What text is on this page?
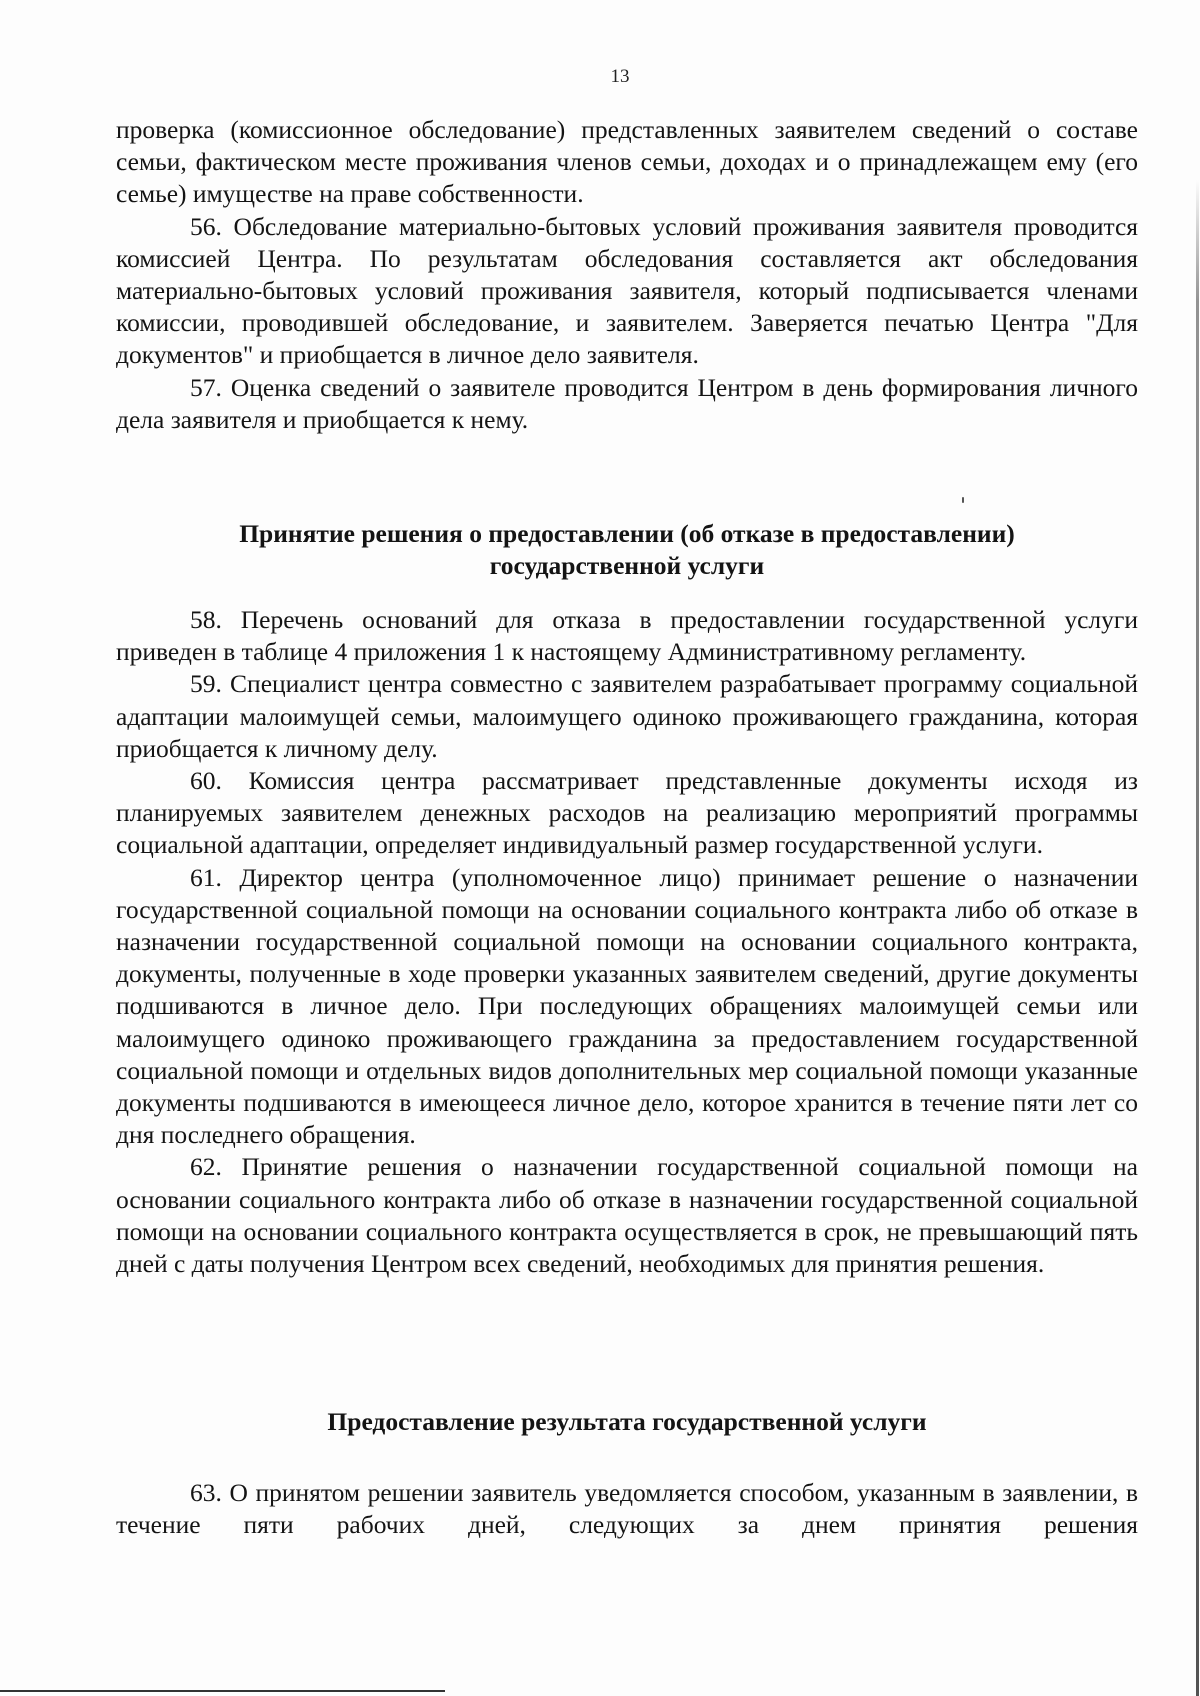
13

проверка (комиссионное обследование) представленных заявителем сведений о составе семьи, фактическом месте проживания членов семьи, доходах и о принадлежащем ему (его семье) имуществе на праве собственности.

56. Обследование материально-бытовых условий проживания заявителя проводится комиссией Центра. По результатам обследования составляется акт обследования материально-бытовых условий проживания заявителя, который подписывается членами комиссии, проводившей обследование, и заявителем. Заверяется печатью Центра "Для документов" и приобщается в личное дело заявителя.

57. Оценка сведений о заявителе проводится Центром в день формирования личного дела заявителя и приобщается к нему.

Принятие решения о предоставлении (об отказе в предоставлении)
государственной услуги

58. Перечень оснований для отказа в предоставлении государственной услуги приведен в таблице 4 приложения 1 к настоящему Административному регламенту.

59. Специалист центра совместно с заявителем разрабатывает программу социальной адаптации малоимущей семьи, малоимущего одиноко проживающего гражданина, которая приобщается к личному делу.

60. Комиссия центра рассматривает представленные документы исходя из планируемых заявителем денежных расходов на реализацию мероприятий программы социальной адаптации, определяет индивидуальный размер государственной услуги.

61. Директор центра (уполномоченное лицо) принимает решение о назначении государственной социальной помощи на основании социального контракта либо об отказе в назначении государственной социальной помощи на основании социального контракта, документы, полученные в ходе проверки указанных заявителем сведений, другие документы подшиваются в личное дело. При последующих обращениях малоимущей семьи или малоимущего одиноко проживающего гражданина за предоставлением государственной социальной помощи и отдельных видов дополнительных мер социальной помощи указанные документы подшиваются в имеющееся личное дело, которое хранится в течение пяти лет со дня последнего обращения.

62. Принятие решения о назначении государственной социальной помощи на основании социального контракта либо об отказе в назначении государственной социальной помощи на основании социального контракта осуществляется в срок, не превышающий пять дней с даты получения Центром всех сведений, необходимых для принятия решения.

Предоставление результата государственной услуги

63. О принятом решении заявитель уведомляется способом, указанным в заявлении, в течение пяти рабочих дней, следующих за днем принятия решения
